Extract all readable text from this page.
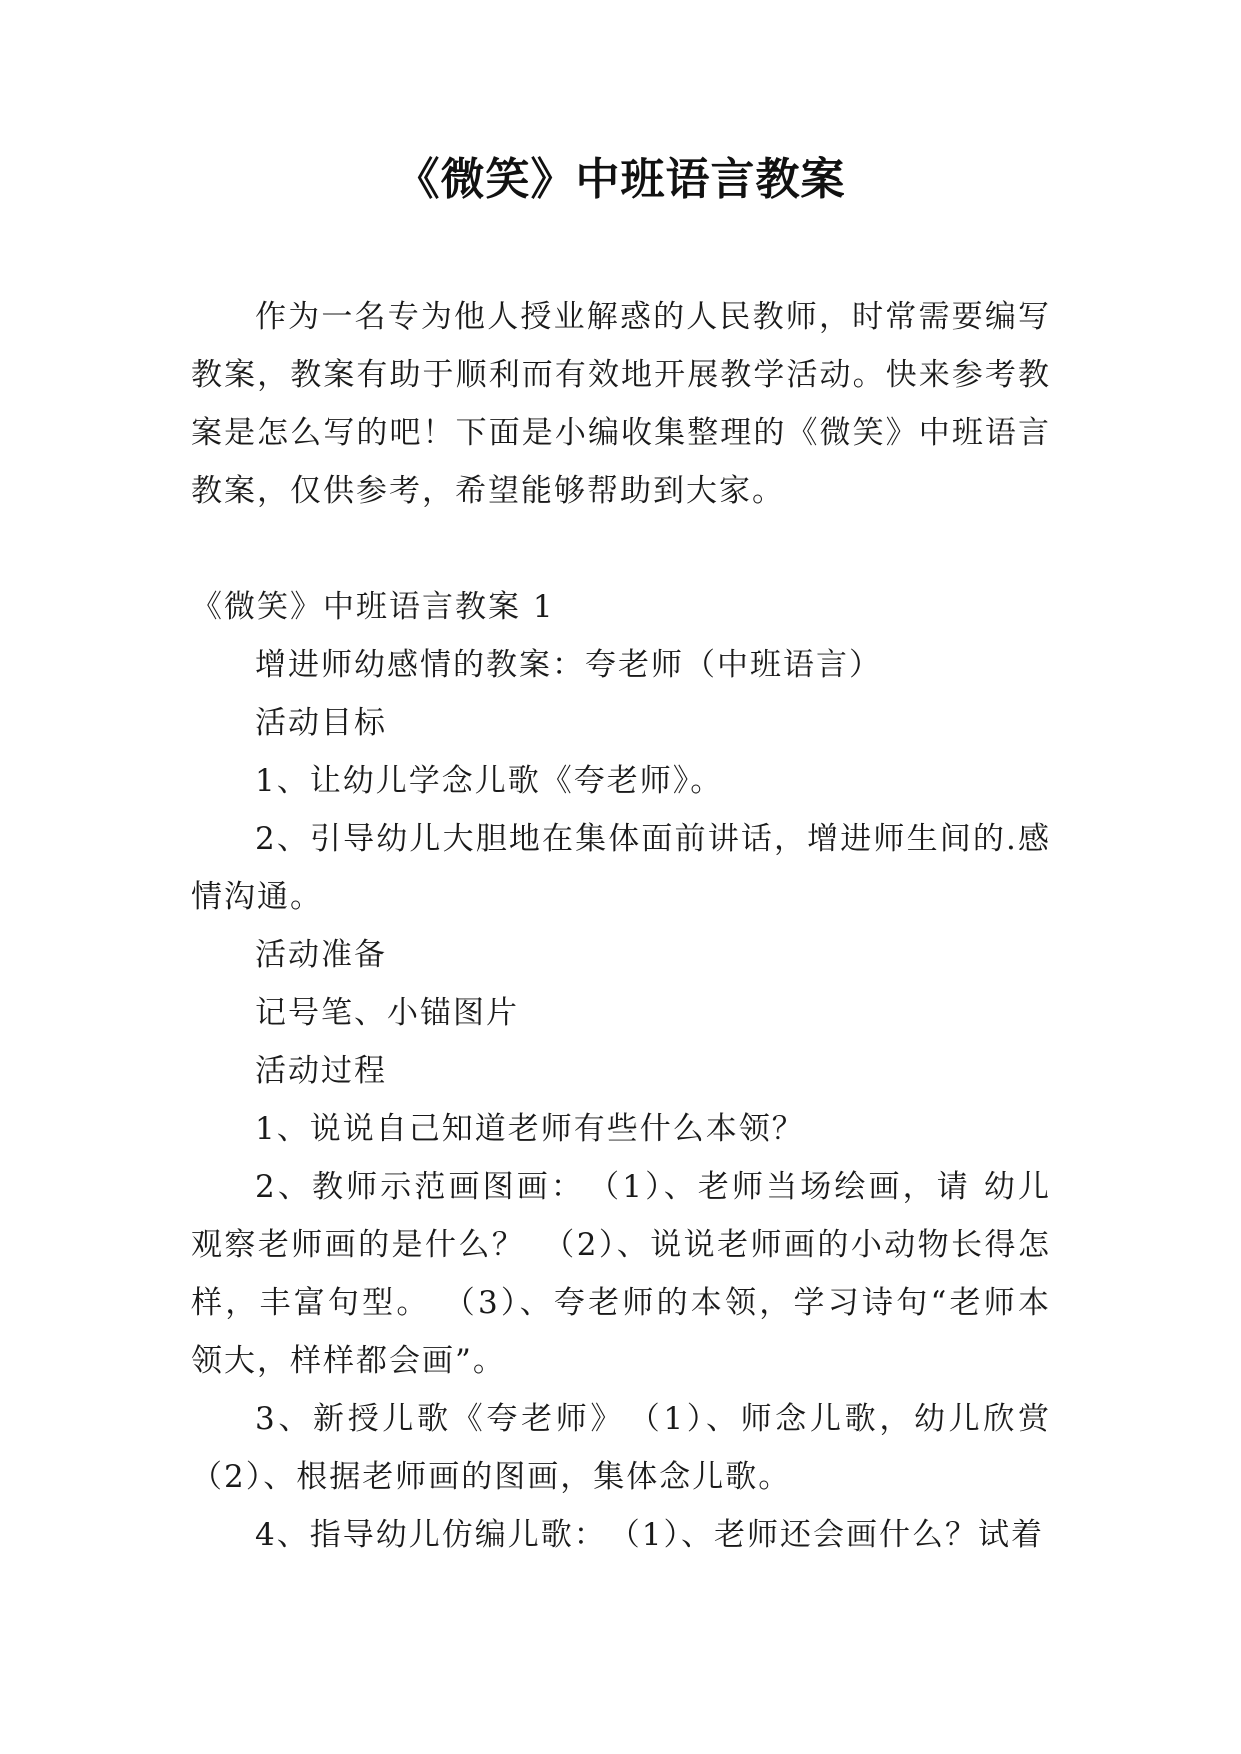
《微笑》中班语言教案

作为一名专为他人授业解惑的人民教师，时常需要编写教案，教案有助于顺利而有效地开展教学活动。快来参考教案是怎么写的吧！下面是小编收集整理的《微笑》中班语言教案，仅供参考，希望能够帮助到大家。

《微笑》中班语言教案 1

增进师幼感情的教案：夸老师（中班语言）

活动目标

1、让幼儿学念儿歌《夸老师》。

2、引导幼儿大胆地在集体面前讲话，增进师生间的.感情沟通。

活动准备

记号笔、小锚图片

活动过程

1、说说自己知道老师有些什么本领？

2、教师示范画图画：　（1）、老师当场绘画，请 幼儿观察老师画的是什么？　（2）、说说老师画的小动物长得怎样，丰富句型。 （3）、夸老师的本领，学习诗句“老师本领大，样样都会画”。

3、新授儿歌《夸老师》　（1）、师念儿歌，幼儿欣赏（2）、根据老师画的图画，集体念儿歌。

4、指导幼儿仿编儿歌：　（1）、老师还会画什么？试着
